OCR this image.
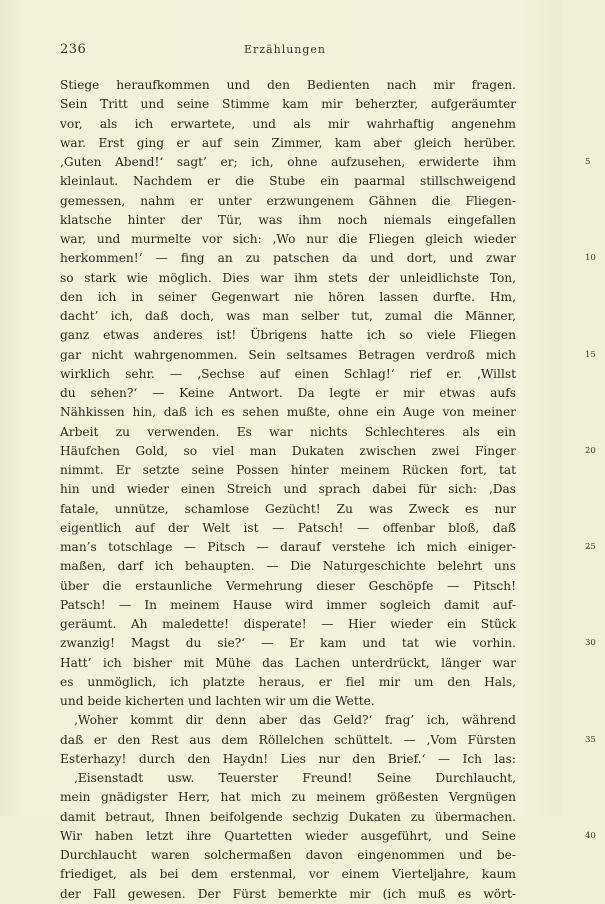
236	Erzählungen
Stiege heraufkommen und den Bedienten nach mir fragen.
Sein Tritt und seine Stimme kam mir beherzter, aufgeräumter
vor, als ich erwartete, und als mir wahrhaftig angenehm
war. Erst ging er auf sein Zimmer, kam aber gleich herüber.
‚Guten Abend!‘ sagt’ er; ich, ohne aufzusehen, erwiderte ihm	5
kleinlaut. Nachdem er die Stube ein paarmal stillschweigend
gemessen, nahm er unter erzwungenem Gähnen die Fliegen-
klatsche hinter der Tür, was ihm noch niemals eingefallen
war, und murmelte vor sich: ‚Wo nur die Fliegen gleich wieder
herkommen!‘ — fing an zu patschen da und dort, und zwar	10
so stark wie möglich. Dies war ihm stets der unleidlichste Ton,
den ich in seiner Gegenwart nie hören lassen durfte. Hm,
dacht’ ich, daß doch, was man selber tut, zumal die Männer,
ganz etwas anderes ist! Übrigens hatte ich so viele Fliegen
gar nicht wahrgenommen. Sein seltsames Betragen verdroß mich	15
wirklich sehr. — ‚Sechse auf einen Schlag!‘ rief er. ‚Willst
du sehen?‘ — Keine Antwort. Da legte er mir etwas aufs
Nähkissen hin, daß ich es sehen mußte, ohne ein Auge von meiner
Arbeit zu verwenden. Es war nichts Schlechteres als ein
Häufchen Gold, so viel man Dukaten zwischen zwei Finger	20
nimmt. Er setzte seine Possen hinter meinem Rücken fort, tat
hin und wieder einen Streich und sprach dabei für sich: ‚Das
fatale, unnütze, schamlose Gezücht! Zu was Zweck es nur
eigentlich auf der Welt ist — Patsch! — offenbar bloß, daß
man’s totschlage — Pitsch — darauf verstehe ich mich einiger-	25
maßen, darf ich behaupten. — Die Naturgeschichte belehrt uns
über die erstaunliche Vermehrung dieser Geschöpfe — Pitsch!
Patsch! — In meinem Hause wird immer sogleich damit auf-
geräumt. Ah maledette! disperate! — Hier wieder ein Stück
zwanzig! Magst du sie?‘ — Er kam und tat wie vorhin.	30
Hatt’ ich bisher mit Mühe das Lachen unterdrückt, länger war
es unmöglich, ich platzte heraus, er fiel mir um den Hals,
und beide kicherten und lachten wir um die Wette.
‚Woher kommt dir denn aber das Geld?‘ frag’ ich, während
daß er den Rest aus dem Röllelchen schüttelt. — ‚Vom Fürsten	35
Esterhazy! durch den Haydn! Lies nur den Brief.‘ — Ich las:
‚Eisenstadt usw. Teuerster Freund! Seine Durchlaucht,
mein gnädigster Herr, hat mich zu meinem größesten Vergnügen
damit betraut, Ihnen beifolgende sechzig Dukaten zu übermachen.
Wir haben letzt ihre Quartetten wieder ausgeführt, und Seine	40
Durchlaucht waren solchermaßen davon eingenommen und be-
friediget, als bei dem erstenmal, vor einem Vierteljahre, kaum
der Fall gewesen. Der Fürst bemerkte mir (ich muß es wört-
